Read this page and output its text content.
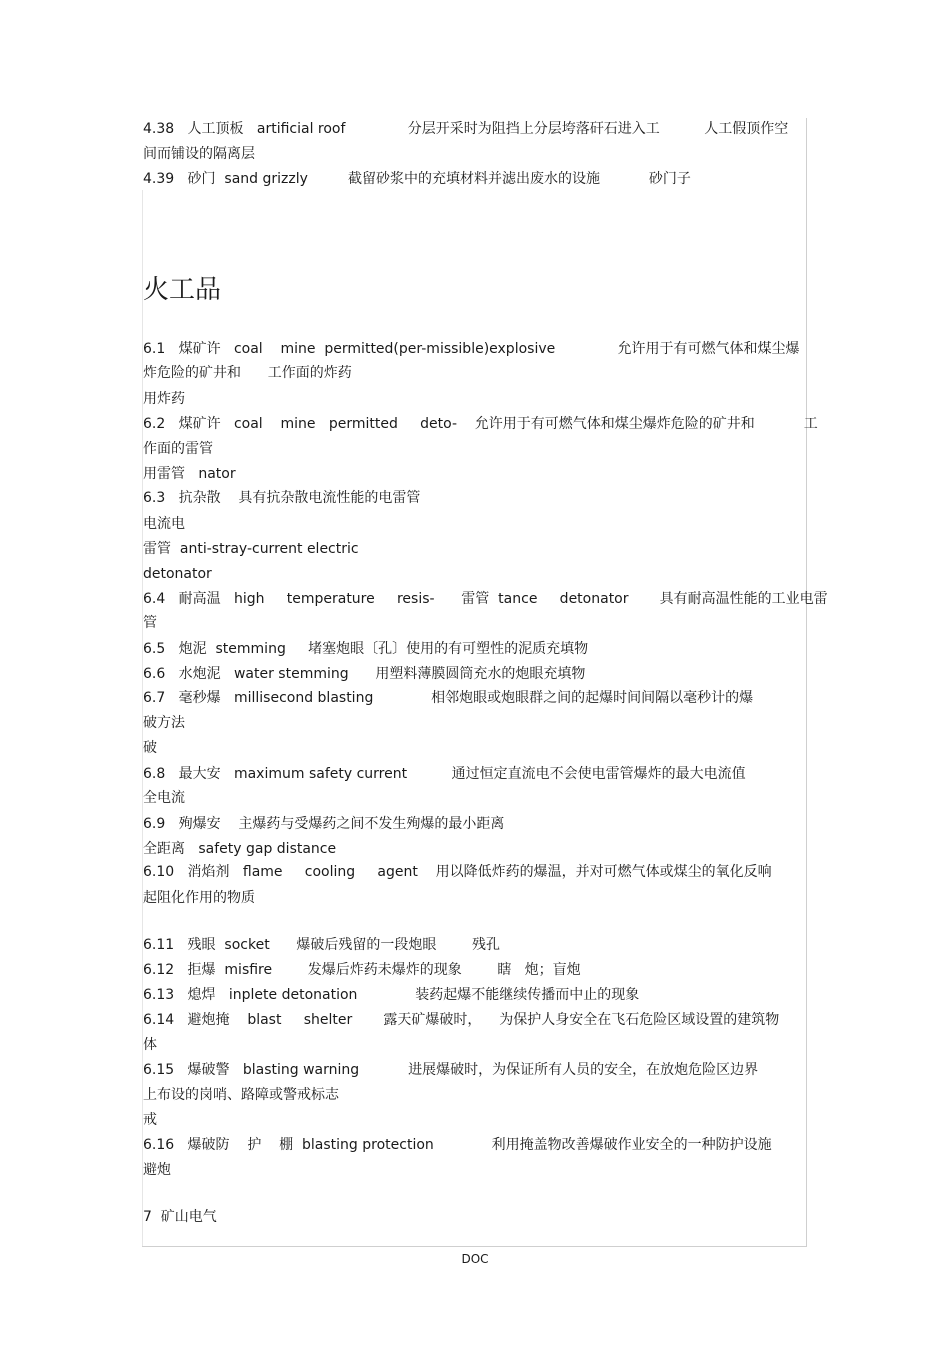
4.38   人工顶板   artificial roof              分层开采时为阻挡上分层垮落矸石进入工          人工假顶作空
间而铺设的隔离层
4.39   砂门  sand grizzly         截留砂浆中的充填材料并滤出废水的设施           砂门子
火工品
6.1   煤矿许   coal    mine  permitted(per-missible)explosive              允许用于有可燃气体和煤尘爆
炸危险的矿井和      工作面的炸药
用炸药
6.2   煤矿许   coal    mine   permitted     deto-    允许用于有可燃气体和煤尘爆炸危险的矿井和           工
作面的雷管
用雷管   nator
6.3   抗杂散    具有抗杂散电流性能的电雷管
电流电
雷管  anti-stray-current electric
detonator
6.4   耐高温   high     temperature     resis-      雷管  tance     detonator       具有耐高温性能的工业电雷
管
6.5   炮泥  stemming     堵塞炮眼〔孔〕使用的有可塑性的泥质充填物
6.6   水炮泥   water stemming      用塑料薄膜圆筒充水的炮眼充填物
6.7   毫秒爆   millisecond blasting             相邻炮眼或炮眼群之间的起爆时间间隔以毫秒计的爆
破方法
破
6.8   最大安   maximum safety current          通过恒定直流电不会使电雷管爆炸的最大电流值
全电流
6.9   殉爆安    主爆药与受爆药之间不发生殉爆的最小距离
全距离   safety gap distance
6.10   消焰剂   flame     cooling     agent    用以降低炸药的爆温，并对可燃气体或煤尘的氧化反响
起阻化作用的物质
6.11   残眼  socket      爆破后残留的一段炮眼        残孔
6.12   拒爆  misfire        发爆后炸药未爆炸的现象        瞎   炮；盲炮
6.13   熄焊   inplete detonation             装药起爆不能继续传播而中止的现象
6.14   避炮掩    blast     shelter       露天矿爆破时，    为保护人身安全在飞石危险区域设置的建筑物
体
6.15   爆破警   blasting warning           进展爆破时，为保证所有人员的安全，在放炮危险区边界
上布设的岗哨、路障或警戒标志
戒
6.16   爆破防    护    棚  blasting protection             利用掩盖物改善爆破作业安全的一种防护设施
避炮
7  矿山电气
DOC
